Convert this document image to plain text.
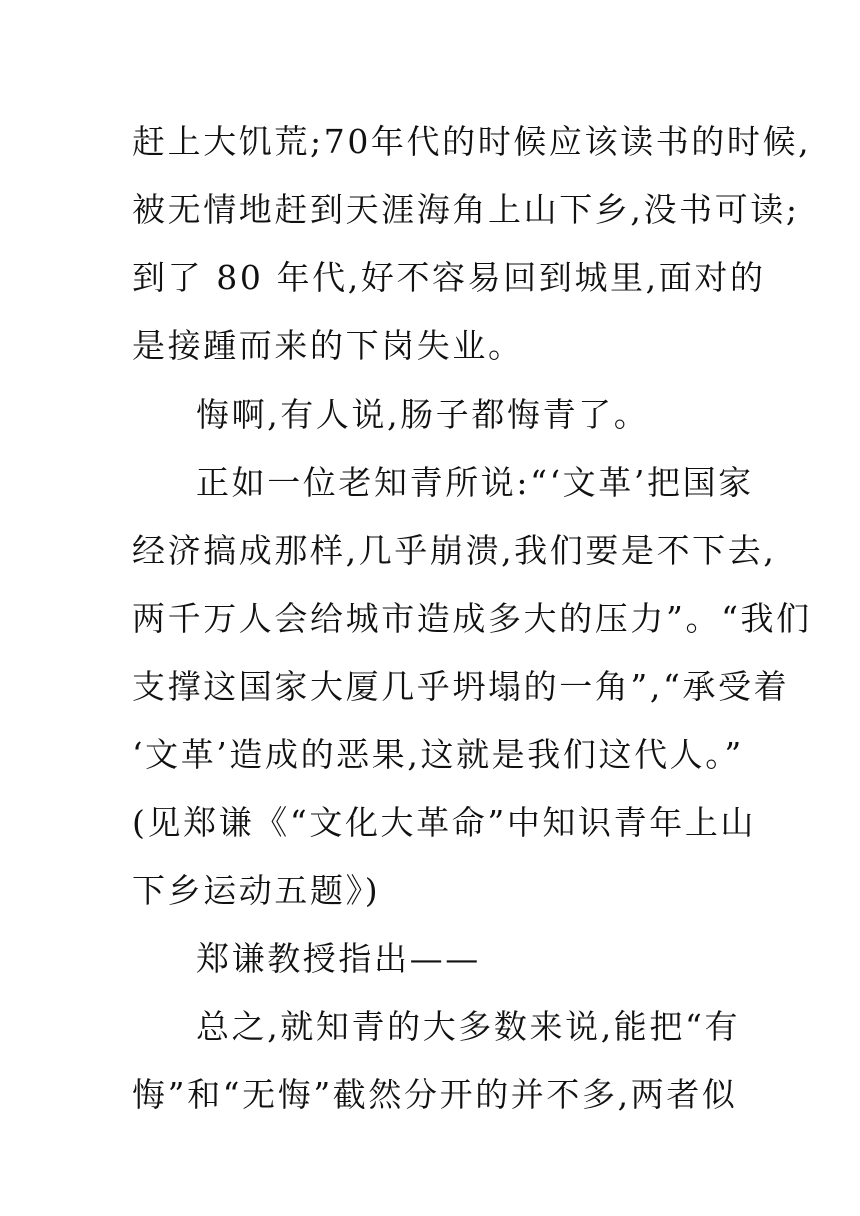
赶上大饥荒;70年代的时候应该读书的时候,
被无情地赶到天涯海角上山下乡,没书可读;
到了 80 年代,好不容易回到城里,面对的
是接踵而来的下岗失业。
悔啊,有人说,肠子都悔青了。
正如一位老知青所说:“‘文革’把国家
经济搞成那样,几乎崩溃,我们要是不下去,
两千万人会给城市造成多大的压力”。“我们
支撑这国家大厦几乎坍塌的一角”,“承受着
‘文革’造成的恶果,这就是我们这代人。”
(见郑谦《“文化大革命”中知识青年上山
下乡运动五题》)
郑谦教授指出——
总之,就知青的大多数来说,能把“有
悔”和“无悔”截然分开的并不多,两者似
